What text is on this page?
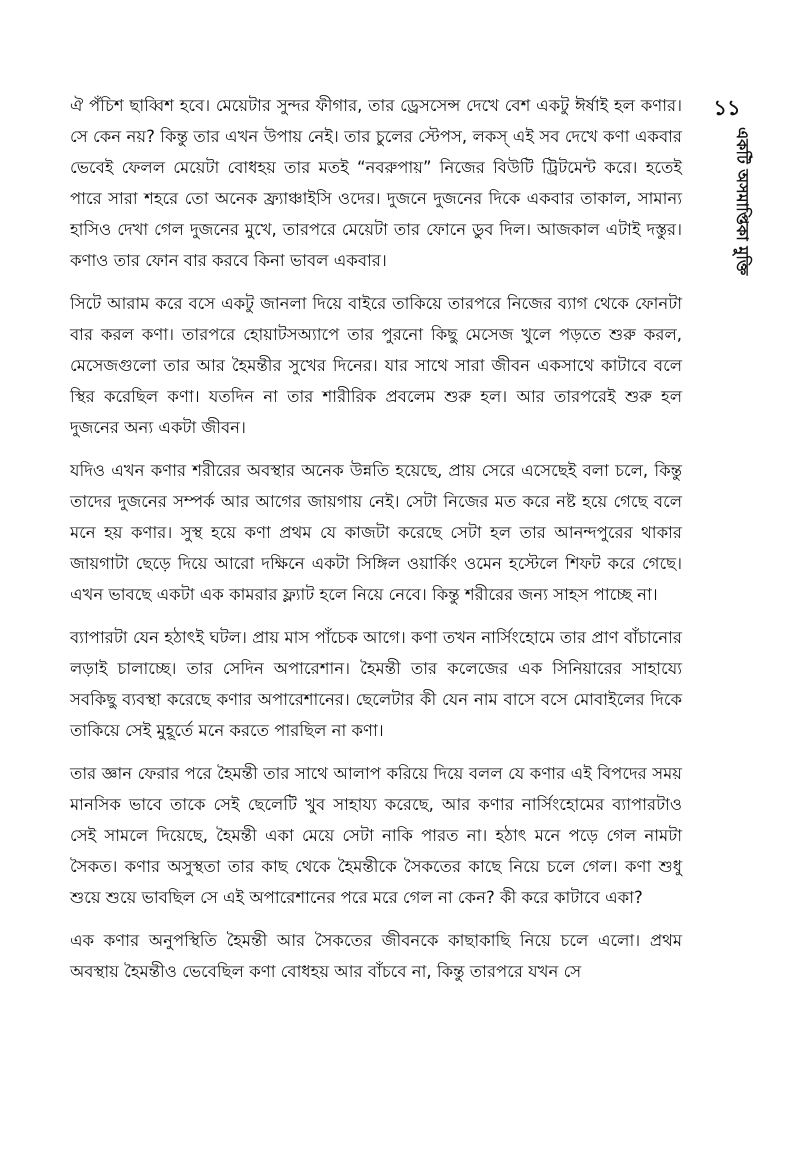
১১
একটি অসমাপ্তিকা মুক্তি

ঐ পঁচিশ ছাব্বিশ হবে। মেয়েটার সুন্দর ফীগার, তার ড্রেসসেন্স দেখে বেশ একটু ঈর্ষাই হল কণার। সে কেন নয়? কিন্তু তার এখন উপায় নেই। তার চুলের স্টেপস, লকস্ এই সব দেখে কণা একবার ভেবেই ফেলল মেয়েটা বোধহয় তার মতই “নবরুপায়” নিজের বিউটি ট্রিটমেন্ট করে। হতেই পারে সারা শহরে তো অনেক ফ্র্যাঞ্চাইসি ওদের। দুজনে দুজনের দিকে একবার তাকাল, সামান্য হাসিও দেখা গেল দুজনের মুখে, তারপরে মেয়েটা তার ফোনে ডুব দিল। আজকাল এটাই দস্তুর। কণাও তার ফোন বার করবে কিনা ভাবল একবার।

সিটে আরাম করে বসে একটু জানলা দিয়ে বাইরে তাকিয়ে তারপরে নিজের ব্যাগ থেকে ফোনটা বার করল কণা। তারপরে হোয়াটসঅ্যাপে তার পুরনো কিছু মেসেজ খুলে পড়তে শুরু করল, মেসেজগুলো তার আর হৈমন্তীর সুখের দিনের। যার সাথে সারা জীবন একসাথে কাটাবে বলে স্থির করেছিল কণা। যতদিন না তার শারীরিক প্রবলেম শুরু হল। আর তারপরেই শুরু হল দুজনের অন্য একটা জীবন।

যদিও এখন কণার শরীরের অবস্থার অনেক উন্নতি হয়েছে, প্রায় সেরে এসেছেই বলা চলে, কিন্তু তাদের দুজনের সম্পর্ক আর আগের জায়গায় নেই। সেটা নিজের মত করে নষ্ট হয়ে গেছে বলে মনে হয় কণার। সুস্থ হয়ে কণা প্রথম যে কাজটা করেছে সেটা হল তার আনন্দপুরের থাকার জায়গাটা ছেড়ে দিয়ে আরো দক্ষিনে একটা সিঙ্গিল ওয়ার্কিং ওমেন হস্টেলে শিফট করে গেছে। এখন ভাবছে একটা এক কামরার ফ্ল্যাট হলে নিয়ে নেবে। কিন্তু শরীরের জন্য সাহস পাচ্ছে না।

ব্যাপারটা যেন হঠাৎই ঘটল। প্রায় মাস পাঁচেক আগে। কণা তখন নার্সিংহোমে তার প্রাণ বাঁচানোর লড়াই চালাচ্ছে। তার সেদিন অপারেশান। হৈমন্তী তার কলেজের এক সিনিয়ারের সাহায্যে সবকিছু ব্যবস্থা করেছে কণার অপারেশানের। ছেলেটার কী যেন নাম বাসে বসে মোবাইলের দিকে তাকিয়ে সেই মুহূর্তে মনে করতে পারছিল না কণা।

তার জ্ঞান ফেরার পরে হৈমন্তী তার সাথে আলাপ করিয়ে দিয়ে বলল যে কণার এই বিপদের সময় মানসিক ভাবে তাকে সেই ছেলেটি খুব সাহায্য করেছে, আর কণার নার্সিংহোমের ব্যাপারটাও সেই সামলে দিয়েছে, হৈমন্তী একা মেয়ে সেটা নাকি পারত না। হঠাৎ মনে পড়ে গেল নামটা সৈকত। কণার অসুস্থতা তার কাছ থেকে হৈমন্তীকে সৈকতের কাছে নিয়ে চলে গেল। কণা শুধু শুয়ে শুয়ে ভাবছিল সে এই অপারেশানের পরে মরে গেল না কেন? কী করে কাটাবে একা?

এক কণার অনুপস্থিতি হৈমন্তী আর সৈকতের জীবনকে কাছাকাছি নিয়ে চলে এলো। প্রথম অবস্থায় হৈমন্তীও ভেবেছিল কণা বোধহয় আর বাঁচবে না, কিন্তু তারপরে যখন সে
